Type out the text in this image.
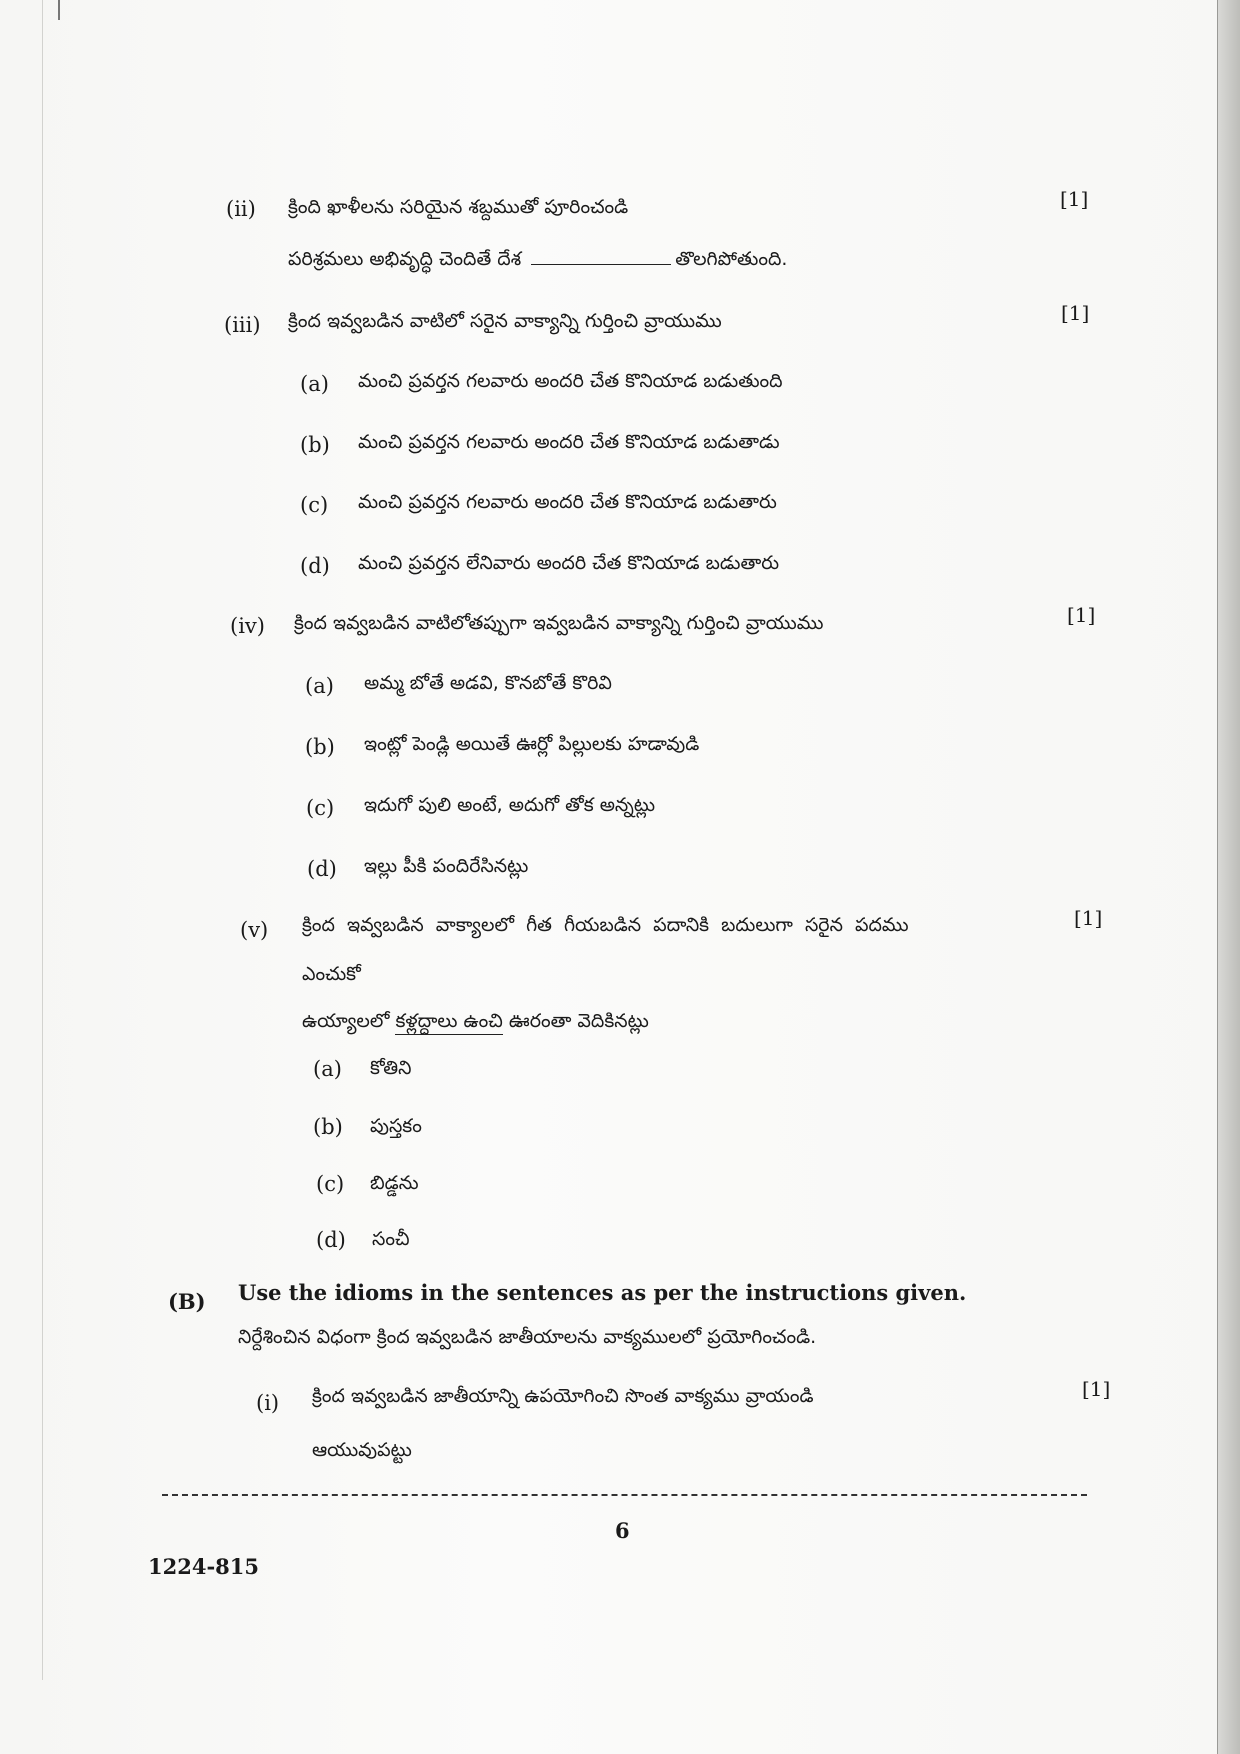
(ii) క్రింది ఖాళీలను సరియైన శబ్దముతో పూరించండి	[1]
పరిశ్రమలు అభివృద్ధి చెందితే దేశ	తొలగిపోతుంది.
(iii) క్రింద ఇవ్వబడిన వాటిలో సరైన వాక్యాన్ని గుర్తించి వ్రాయుము	[1]
(a) మంచి ప్రవర్తన గలవారు అందరి చేత కొనియాడ బడుతుంది
(b) మంచి ప్రవర్తన గలవారు అందరి చేత కొనియాడ బడుతాడు
(c) మంచి ప్రవర్తన గలవారు అందరి చేత కొనియాడ బడుతారు
(d) మంచి ప్రవర్తన లేనివారు అందరి చేత కొనియాడ బడుతారు
(iv) క్రింద ఇవ్వబడిన వాటిలోతప్పుగా ఇవ్వబడిన వాక్యాన్ని గుర్తించి వ్రాయుము	[1]
(a) అమ్మ బోతే అడవి, కొనబోతే కొరివి
(b) ఇంట్లో పెండ్లి అయితే ఊర్లో పిల్లులకు హడావుడి
(c) ఇదుగో పులి అంటే, అదుగో తోక అన్నట్లు
(d) ఇల్లు పీకి పందిరేసినట్లు
(v) క్రింద ఇవ్వబడిన వాక్యాలలో గీత గీయబడిన పదానికి బదులుగా సరైన పదము	[1]
ఎంచుకో
ఉయ్యాలలో కళ్లద్దాలు ఉంచి ఊరంతా వెదికినట్లు
(a) కోతిని
(b) పుస్తకం
(c) బిడ్డను
(d) సంచీ
(B) Use the idioms in the sentences as per the instructions given.
నిర్దేశించిన విధంగా క్రింద ఇవ్వబడిన జాతీయాలను వాక్యములలో ప్రయోగించండి.
(i) క్రింద ఇవ్వబడిన జాతీయాన్ని ఉపయోగించి సొంత వాక్యము వ్రాయండి	[1]
ఆయువుపట్టు
6
1224-815
